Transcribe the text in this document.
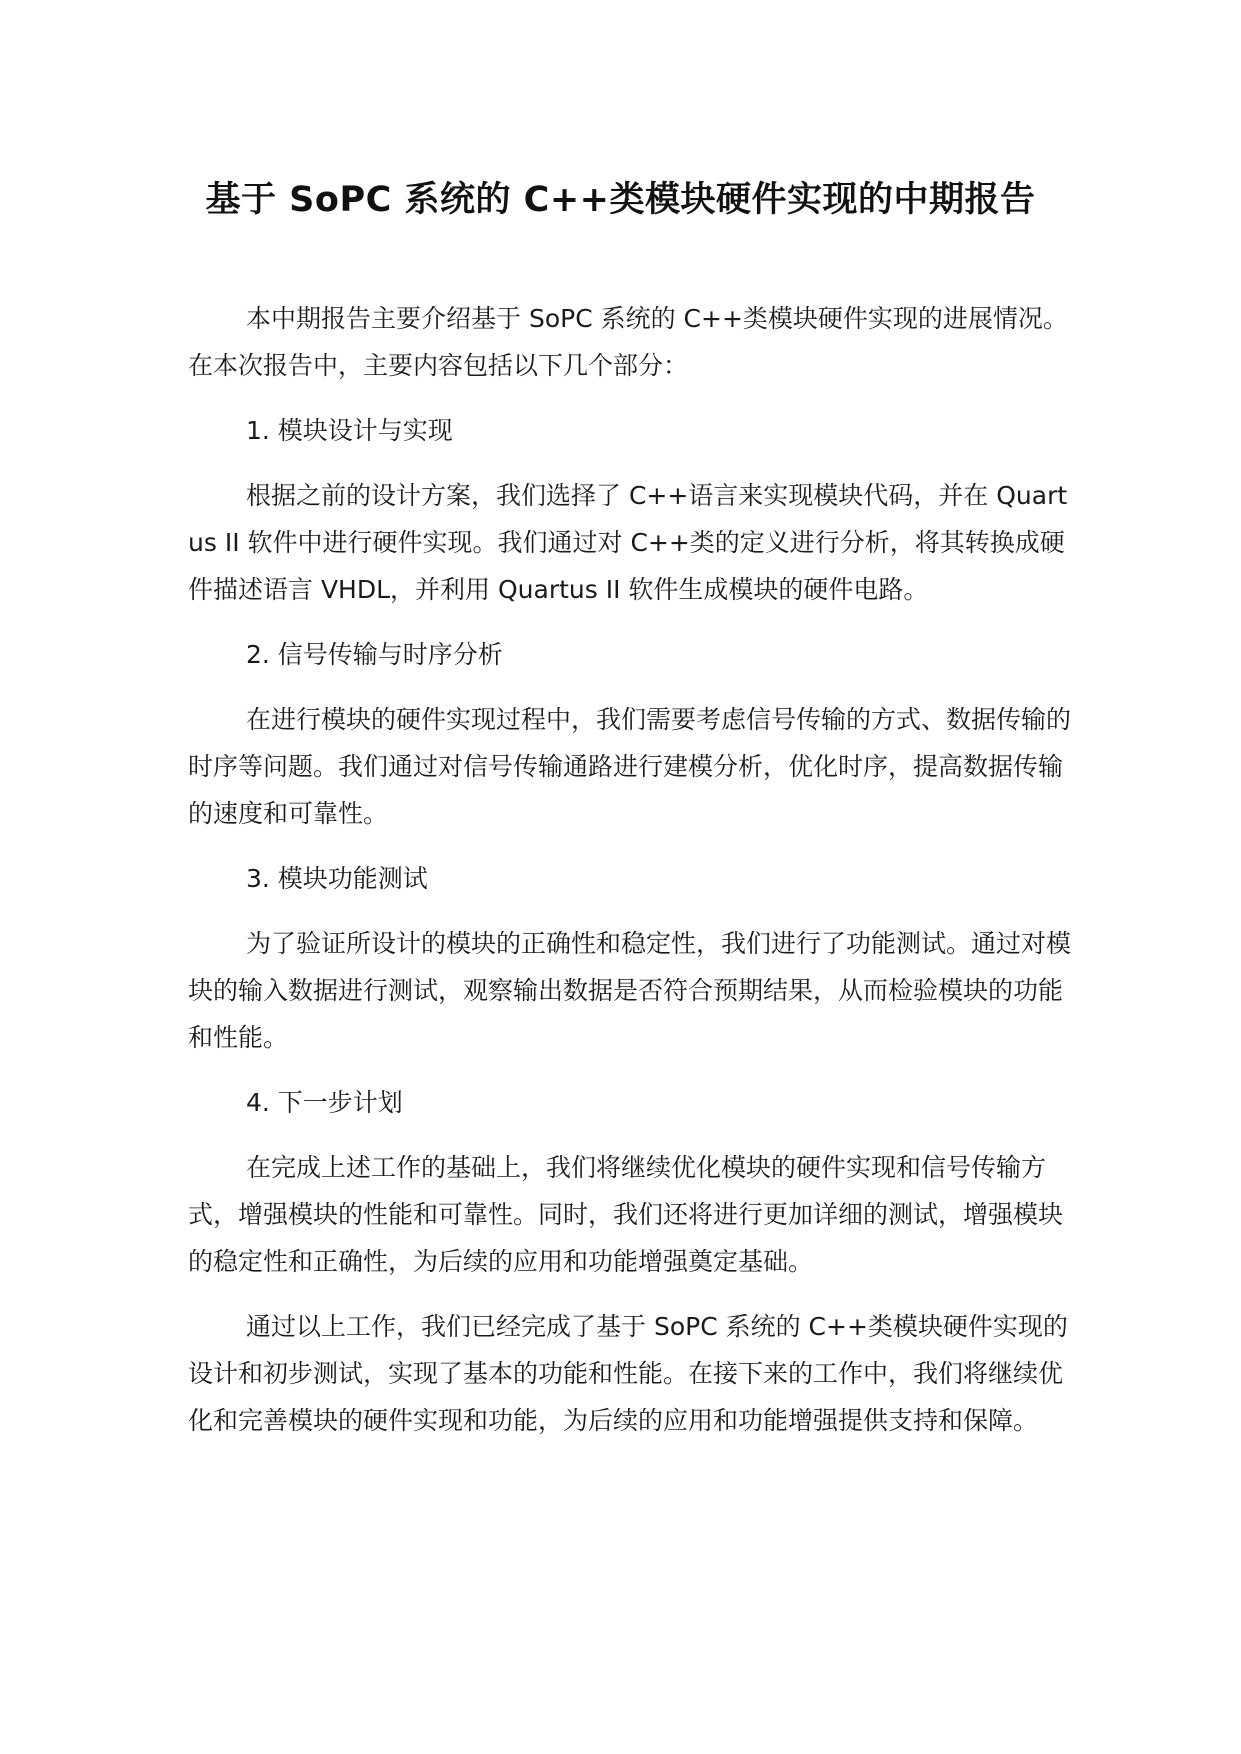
基于 SoPC 系统的 C++类模块硬件实现的中期报告

本中期报告主要介绍基于 SoPC 系统的 C++类模块硬件实现的进展情况。在本次报告中，主要内容包括以下几个部分：

1. 模块设计与实现

根据之前的设计方案，我们选择了 C++语言来实现模块代码，并在 Quartus II 软件中进行硬件实现。我们通过对 C++类的定义进行分析，将其转换成硬件描述语言 VHDL，并利用 Quartus II 软件生成模块的硬件电路。

2. 信号传输与时序分析

在进行模块的硬件实现过程中，我们需要考虑信号传输的方式、数据传输的时序等问题。我们通过对信号传输通路进行建模分析，优化时序，提高数据传输的速度和可靠性。

3. 模块功能测试

为了验证所设计的模块的正确性和稳定性，我们进行了功能测试。通过对模块的输入数据进行测试，观察输出数据是否符合预期结果，从而检验模块的功能和性能。

4. 下一步计划

在完成上述工作的基础上，我们将继续优化模块的硬件实现和信号传输方式，增强模块的性能和可靠性。同时，我们还将进行更加详细的测试，增强模块的稳定性和正确性，为后续的应用和功能增强奠定基础。

通过以上工作，我们已经完成了基于 SoPC 系统的 C++类模块硬件实现的设计和初步测试，实现了基本的功能和性能。在接下来的工作中，我们将继续优化和完善模块的硬件实现和功能，为后续的应用和功能增强提供支持和保障。
